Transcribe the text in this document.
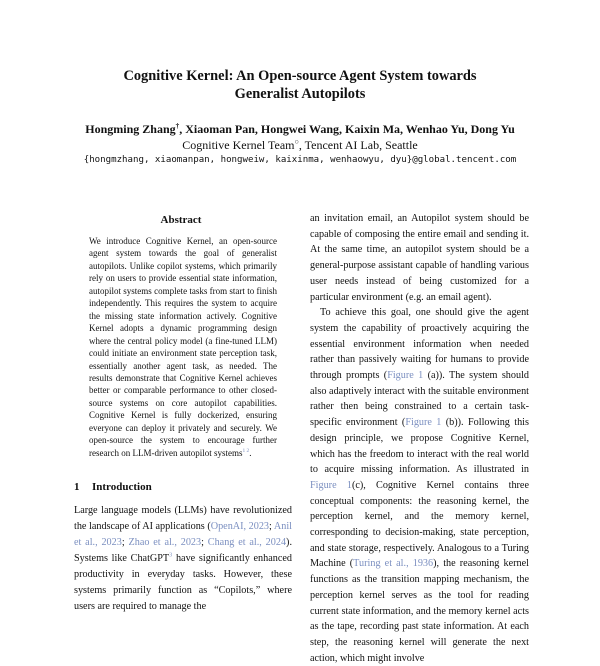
Cognitive Kernel: An Open-source Agent System towards
Generalist Autopilots
Hongming Zhang†, Xiaoman Pan, Hongwei Wang, Kaixin Ma, Wenhao Yu, Dong Yu
Cognitive Kernel Team○, Tencent AI Lab, Seattle
{hongmzhang, xiaomanpan, hongweiw, kaixinma, wenhaowyu, dyu}@global.tencent.com
Abstract
We introduce Cognitive Kernel, an open-source agent system towards the goal of generalist autopilots. Unlike copilot systems, which primarily rely on users to provide essential state information, autopilot systems complete tasks from start to finish independently. This requires the system to acquire the missing state information actively. Cognitive Kernel adopts a dynamic programming design where the central policy model (a fine-tuned LLM) could initiate an environment state perception task, essentially another agent task, as needed. The results demonstrate that Cognitive Kernel achieves better or comparable performance to other closed-source systems on core autopilot capabilities. Cognitive Kernel is fully dockerized, ensuring everyone can deploy it privately and securely. We open-source the system to encourage further research on LLM-driven autopilot systems$^{1 2}$.
1 Introduction
Large language models (LLMs) have revolutionized the landscape of AI applications (OpenAI, 2023; Anil et al., 2023; Zhao et al., 2023; Chang et al., 2024). Systems like ChatGPT$^3$ have significantly enhanced productivity in everyday tasks. However, these systems primarily function as “Copilots,” where users are required to manage the

an invitation email, an Autopilot system should be capable of composing the entire email and sending it. At the same time, an autopilot system should be a general-purpose assistant capable of handling various user needs instead of being customized for a particular environment (e.g. an email agent).

To achieve this goal, one should give the agent system the capability of proactively acquiring the essential environment information when needed rather than passively waiting for humans to provide through prompts (Figure 1 (a)). The system should also adaptively interact with the suitable environment rather then being constrained to a certain task-specific environment (Figure 1 (b)). Following this design principle, we propose Cognitive Kernel, which has the freedom to interact with the real world to acquire missing information. As illustrated in Figure 1(c), Cognitive Kernel contains three conceptual components: the reasoning kernel, the perception kernel, and the memory kernel, corresponding to decision-making, state perception, and state storage, respectively. Analogous to a Turing Machine (Turing et al., 1936), the reasoning kernel functions as the transition mapping mechanism, the perception kernel serves as the tool for reading current state information, and the memory kernel acts as the tape, recording past state information. At each step, the reasoning kernel will generate the next action, which might involve
